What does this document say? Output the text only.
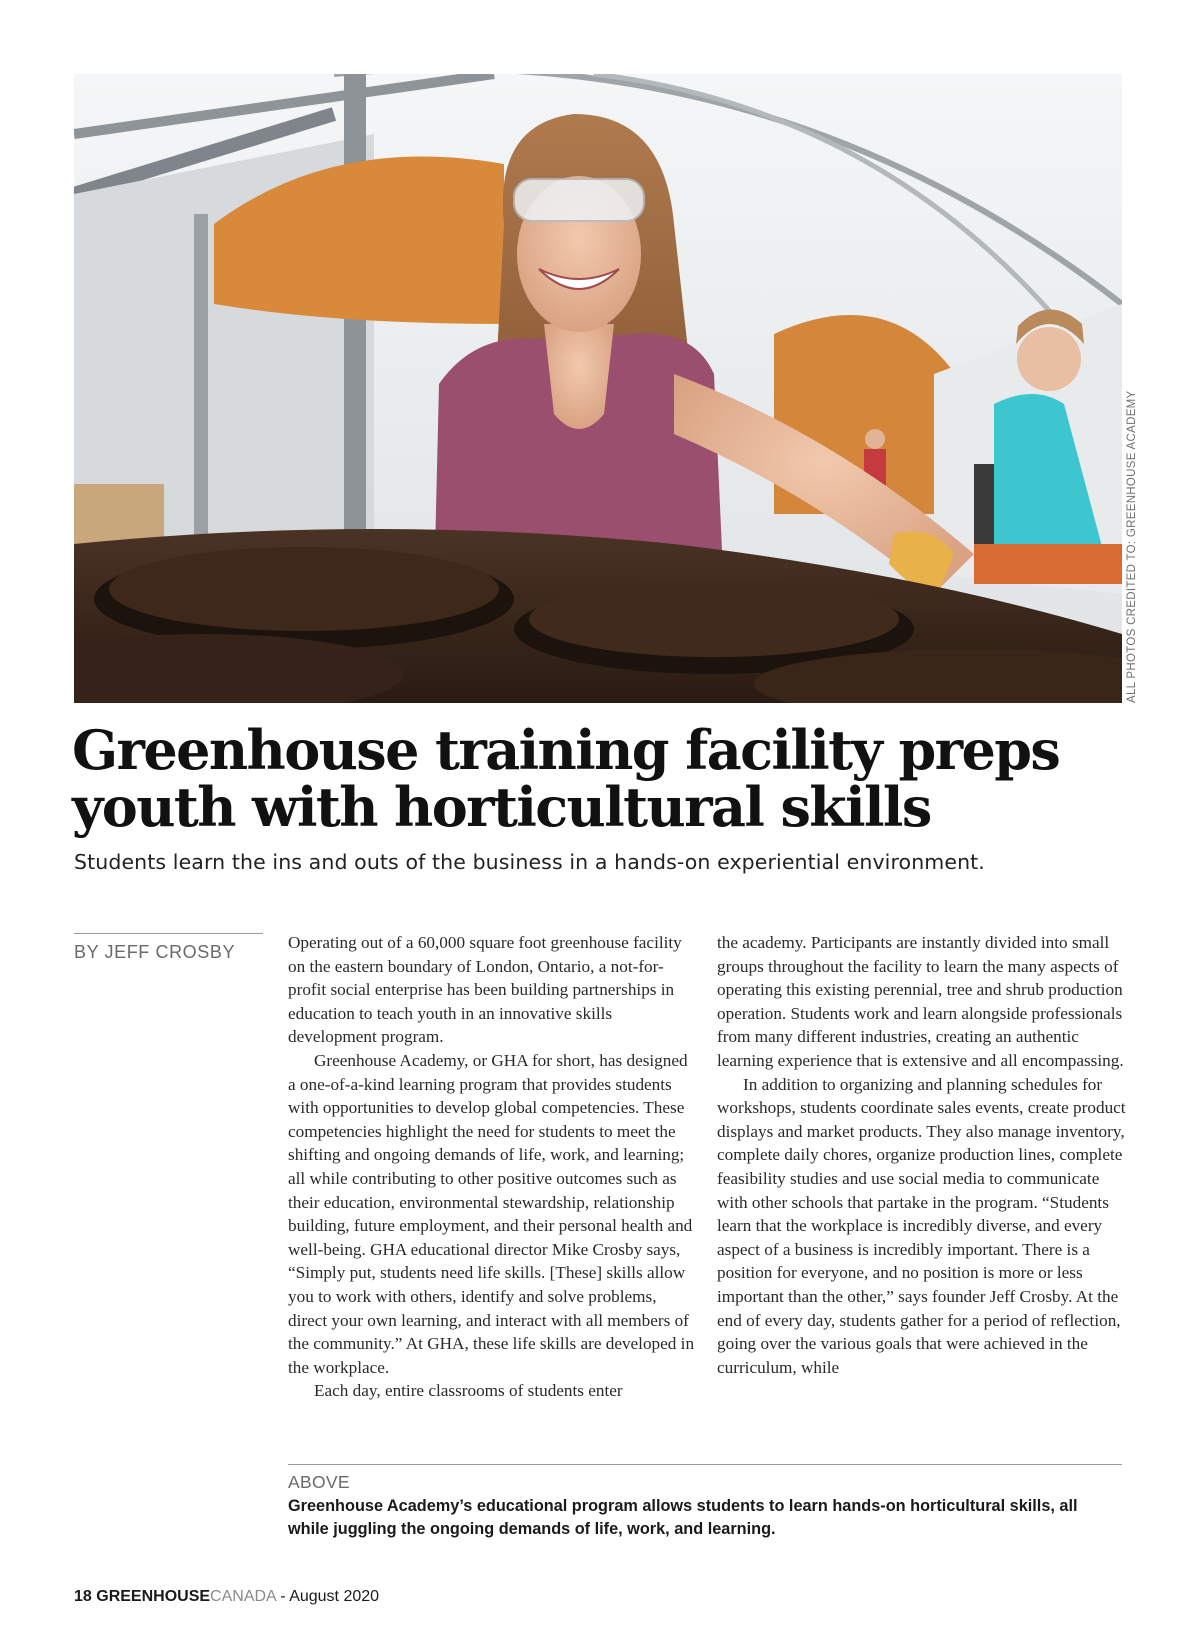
ALL PHOTOS CREDITED TO: GREENHOUSE ACADEMY
Greenhouse training facility preps
youth with horticultural skills
Students learn the ins and outs of the business in a hands-on experiential environment.
BY JEFF CROSBY	Operating out of a 60,000 square foot greenhouse facility on the eastern boundary of London, Ontario, a not-for-profit social enterprise has been building partnerships in education to teach youth in an innovative skills development program.

Greenhouse Academy, or GHA for short, has designed a one-of-a-kind learning program that provides students with opportunities to develop global competencies. These competencies highlight the need for students to meet the shifting and ongoing demands of life, work, and learning; all while contributing to other positive outcomes such as their education, environmental stewardship, relationship building, future employment, and their personal health and well-being. GHA educational director Mike Crosby says, “Simply put, students need life skills. [These] skills allow you to work with others, identify and solve problems, direct your own learning, and interact with all members of the community.” At GHA, these life skills are developed in the workplace.

Each day, entire classrooms of students enter

the academy. Participants are instantly divided into small groups throughout the facility to learn the many aspects of operating this existing perennial, tree and shrub production operation. Students work and learn alongside professionals from many different industries, creating an authentic learning experience that is extensive and all encompassing.

In addition to organizing and planning schedules for workshops, students coordinate sales events, create product displays and market products. They also manage inventory, complete daily chores, organize production lines, complete feasibility studies and use social media to communicate with other schools that partake in the program. “Students learn that the workplace is incredibly diverse, and every aspect of a business is incredibly important. There is a position for everyone, and no position is more or less important than the other,” says founder Jeff Crosby. At the end of every day, students gather for a period of reflection, going over the various goals that were achieved in the curriculum, while

ABOVE
Greenhouse Academy’s educational program allows students to learn hands-on horticultural skills, all while juggling the ongoing demands of life, work, and learning.
18 GREENHOUSECANADA - August 2020
